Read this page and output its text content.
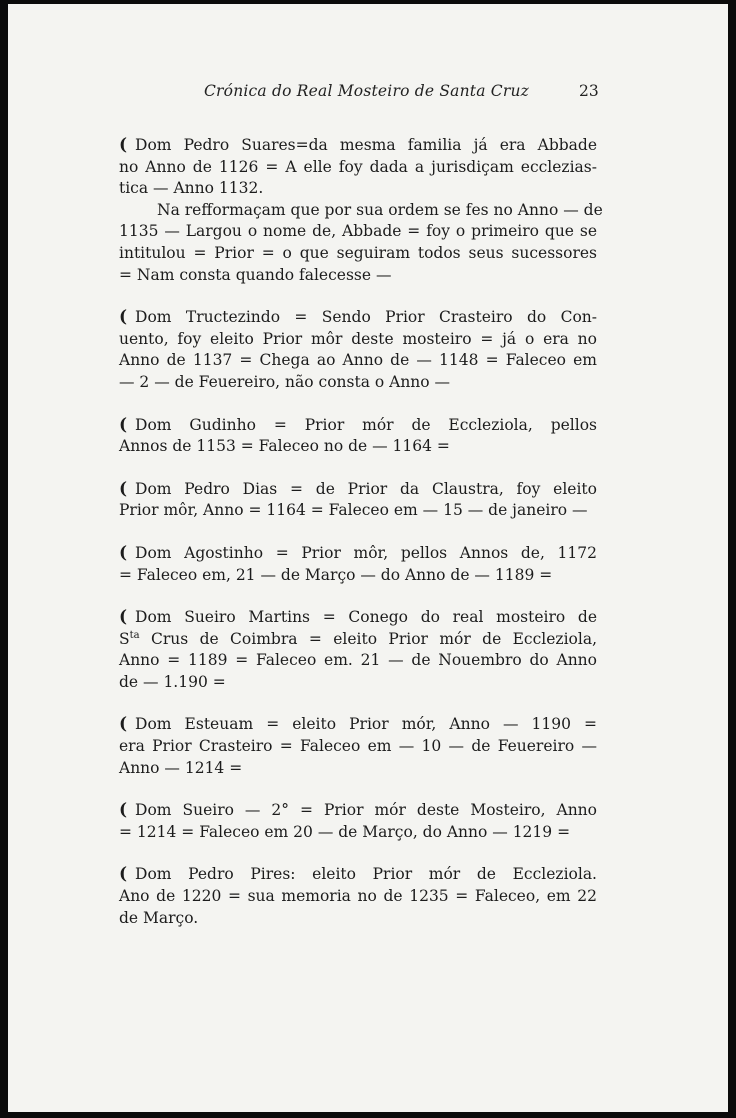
Crónica do Real Mosteiro de Santa Cruz	23
( Dom Pedro Suares=da mesma familia já era Abbade
no Anno de 1126 = A elle foy dada a jurisdiçam ecclezias-
tica — Anno 1132.
Na refformaçam que por sua ordem se fes no Anno — de
1135 — Largou o nome de, Abbade = foy o primeiro que se
intitulou = Prior = o que seguiram todos seus sucessores
= Nam consta quando falecesse —
( Dom Tructezindo = Sendo Prior Crasteiro do Con-
uento, foy eleito Prior môr deste mosteiro = já o era no
Anno de 1137 = Chega ao Anno de — 1148 = Faleceo em
— 2 — de Feuereiro, não consta o Anno —
( Dom Gudinho = Prior mór de Eccleziola, pellos
Annos de 1153 = Faleceo no de — 1164 =
( Dom Pedro Dias = de Prior da Claustra, foy eleito
Prior môr, Anno = 1164 = Faleceo em — 15 — de janeiro —
( Dom Agostinho = Prior môr, pellos Annos de, 1172
= Faleceo em, 21 — de Março — do Anno de — 1189 =
( Dom Sueiro Martins = Conego do real mosteiro de
$S^{ta}$ Crus de Coimbra = eleito Prior mór de Eccleziola,
Anno = 1189 = Faleceo em. 21 — de Nouembro do Anno
de — 1.190 =
( Dom Esteuam = eleito Prior mór, Anno — 1190 =
era Prior Crasteiro = Faleceo em — 10 — de Feuereiro —
Anno — 1214 =
( Dom Sueiro — 2° = Prior mór deste Mosteiro, Anno
= 1214 = Faleceo em 20 — de Março, do Anno — 1219 =
( Dom Pedro Pires: eleito Prior mór de Eccleziola.
Ano de 1220 = sua memoria no de 1235 = Faleceo, em 22
de Março.
